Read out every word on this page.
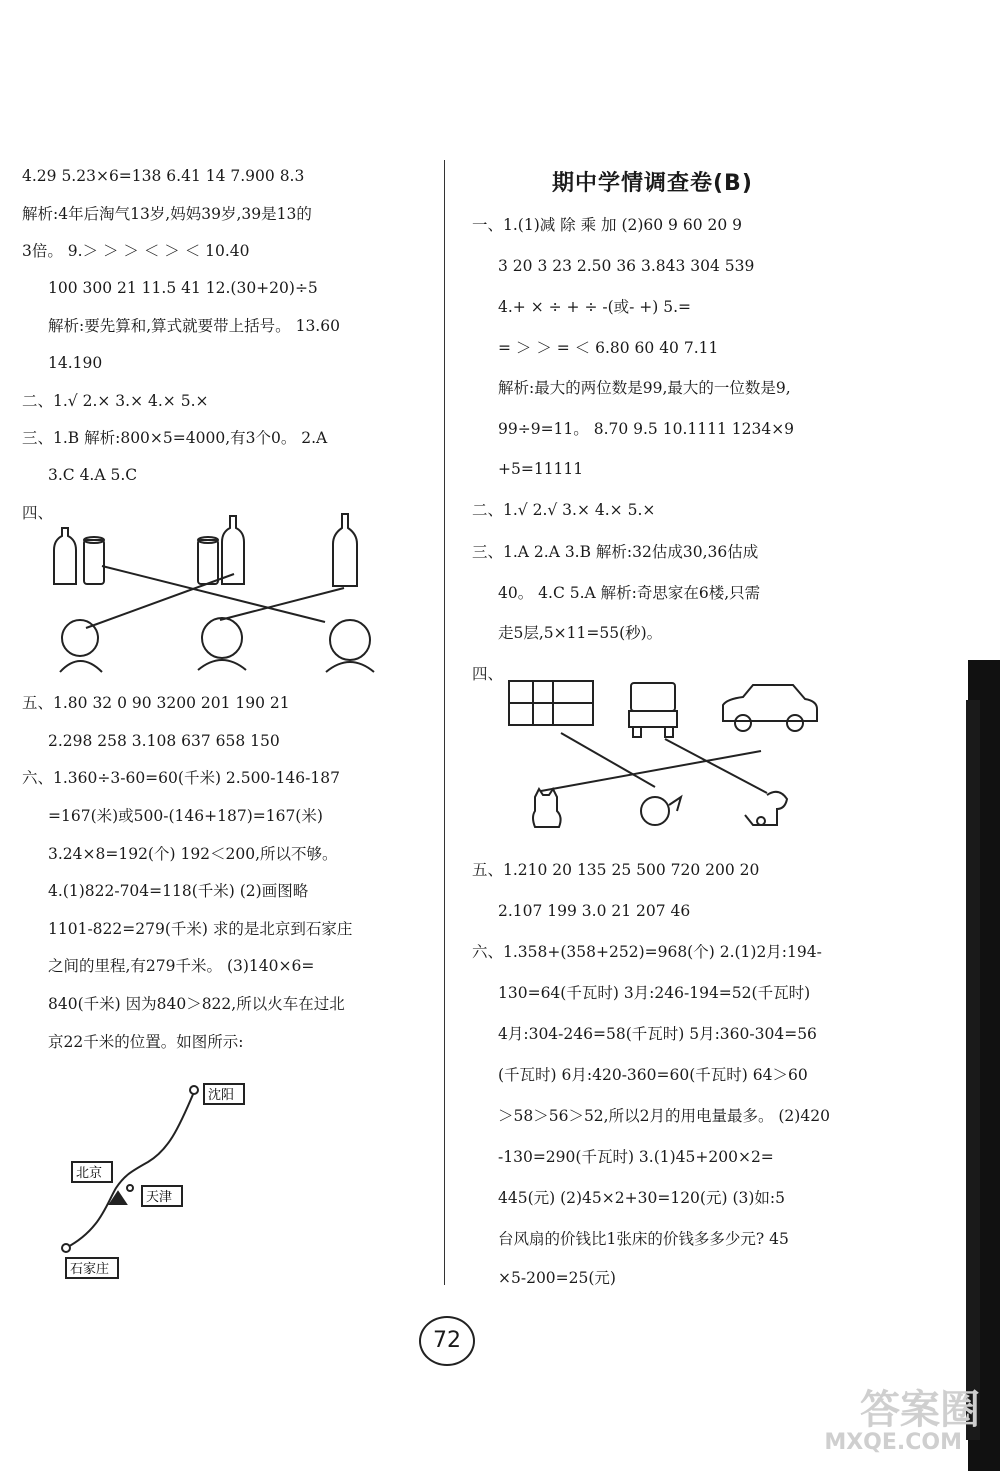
4.29 5.23×6=138 6.41 14 7.900 8.3
解析:4年后淘气13岁,妈妈39岁,39是13的
3倍。 9.＞ ＞ ＞ ＜ ＞ ＜ 10.40
100 300 21 11.5 41 12.(30+20)÷5
解析:要先算和,算式就要带上括号。 13.60
14.190
二、1.√ 2.× 3.× 4.× 5.×
三、1.B 解析:800×5=4000,有3个0。 2.A
3.C 4.A 5.C
四、
五、1.80 32 0 90 3200 201 190 21
2.298 258 3.108 637 658 150
六、1.360÷3-60=60(千米) 2.500-146-187
=167(米)或500-(146+187)=167(米)
3.24×8=192(个) 192＜200,所以不够。
4.(1)822-704=118(千米) (2)画图略
1101-822=279(千米) 求的是北京到石家庄
之间的里程,有279千米。 (3)140×6=
840(千米) 因为840＞822,所以火车在过北
京22千米的位置。如图所示:
沈阳
北京
天津
石家庄
期中学情调查卷(B)
一、1.(1)减 除 乘 加 (2)60 9 60 20 9
3 20 3 23 2.50 36 3.843 304 539
4.+ × ÷ + ÷ -(或- +) 5.=
= ＞ ＞ = ＜ 6.80 60 40 7.11
解析:最大的两位数是99,最大的一位数是9,
99÷9=11。 8.70 9.5 10.1111 1234×9
+5=11111
二、1.√ 2.√ 3.× 4.× 5.×
三、1.A 2.A 3.B 解析:32估成30,36估成
40。 4.C 5.A 解析:奇思家在6楼,只需
走5层,5×11=55(秒)。
四、
五、1.210 20 135 25 500 720 200 20
2.107 199 3.0 21 207 46
六、1.358+(358+252)=968(个) 2.(1)2月:194-
130=64(千瓦时) 3月:246-194=52(千瓦时)
4月:304-246=58(千瓦时) 5月:360-304=56
(千瓦时) 6月:420-360=60(千瓦时) 64＞60
＞58＞56＞52,所以2月的用电量最多。 (2)420
-130=290(千瓦时) 3.(1)45+200×2=
445(元) (2)45×2+30=120(元) (3)如:5
台风扇的价钱比1张床的价钱多多少元? 45
×5-200=25(元)
72
答案圈
MXQE.COM
